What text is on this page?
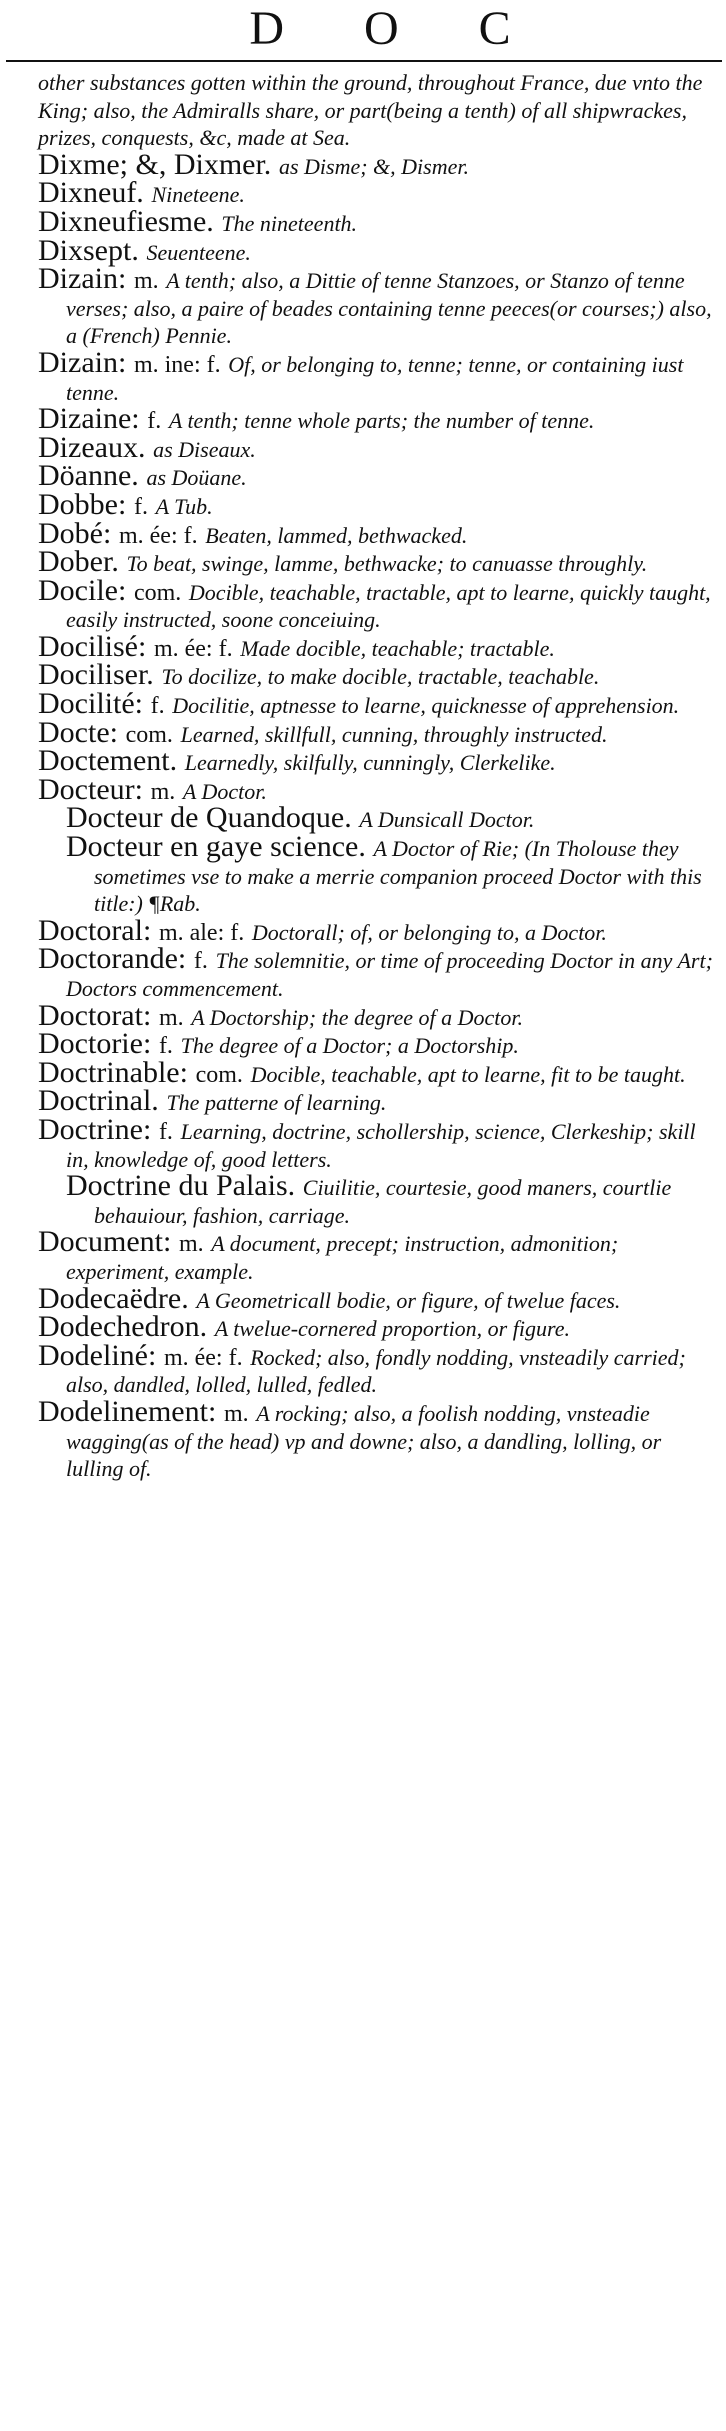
D O C
other substances gotten within the ground, throughout France, due vnto the King; also, the Admiralls share, or part(being a tenth) of all shipwrackes, prizes, conquests, &c, made at Sea.
Dixme; &, Dixmer. as Disme; &, Dismer.
Dixneuf. Nineteene.
Dixneufiesme. The nineteenth.
Dixsept. Seuenteene.
Dizain: m. A tenth; also, a Dittie of tenne Stanzoes, or Stanzo of tenne verses; also, a paire of beades containing tenne peeces(or courses;) also, a (French) Pennie.
Dizain: m. ine: f. Of, or belonging to, tenne; tenne, or containing iust tenne.
Dizaine: f. A tenth; tenne whole parts; the number of tenne.
Dizeaux. as Diseaux.
Döanne. as Doüane.
Dobbe: f. A Tub.
Dobé: m. ée: f. Beaten, lammed, bethwacked.
Dober. To beat, swinge, lamme, bethwacke; to canuasse throughly.
Docile: com. Docible, teachable, tractable, apt to learne, quickly taught, easily instructed, soone conceiuing.
Docilisé: m. ée: f. Made docible, teachable; tractable.
Dociliser. To docilize, to make docible, tractable, teachable.
Docilité: f. Docilitie, aptnesse to learne, quicknesse of apprehension.
Docte: com. Learned, skillfull, cunning, throughly instructed.
Doctement. Learnedly, skilfully, cunningly, Clerkelike.
Docteur: m. A Doctor.
Docteur de Quandoque. A Dunsicall Doctor.
Docteur en gaye science. A Doctor of Rie; (In Tholouse they sometimes vse to make a merrie companion proceed Doctor with this title:) ¶Rab.
Doctoral: m. ale: f. Doctorall; of, or belonging to, a Doctor.
Doctorande: f. The solemnitie, or time of proceeding Doctor in any Art; Doctors commencement.
Doctorat: m. A Doctorship; the degree of a Doctor.
Doctorie: f. The degree of a Doctor; a Doctorship.
Doctrinable: com. Docible, teachable, apt to learne, fit to be taught.
Doctrinal. The patterne of learning.
Doctrine: f. Learning, doctrine, schollership, science, Clerkeship; skill in, knowledge of, good letters.
Doctrine du Palais. Ciuilitie, courtesie, good maners, courtlie behauiour, fashion, carriage.
Document: m. A document, precept; instruction, admonition; experiment, example.
Dodecaëdre. A Geometricall bodie, or figure, of twelue faces.
Dodechedron. A twelue-cornered proportion, or figure.
Dodeliné: m. ée: f. Rocked; also, fondly nodding, vnsteadily carried; also, dandled, lolled, lulled, fedled.
Dodelinement: m. A rocking; also, a foolish nodding, vnsteadie wagging(as of the head) vp and downe; also, a dandling, lolling, or lulling of.
